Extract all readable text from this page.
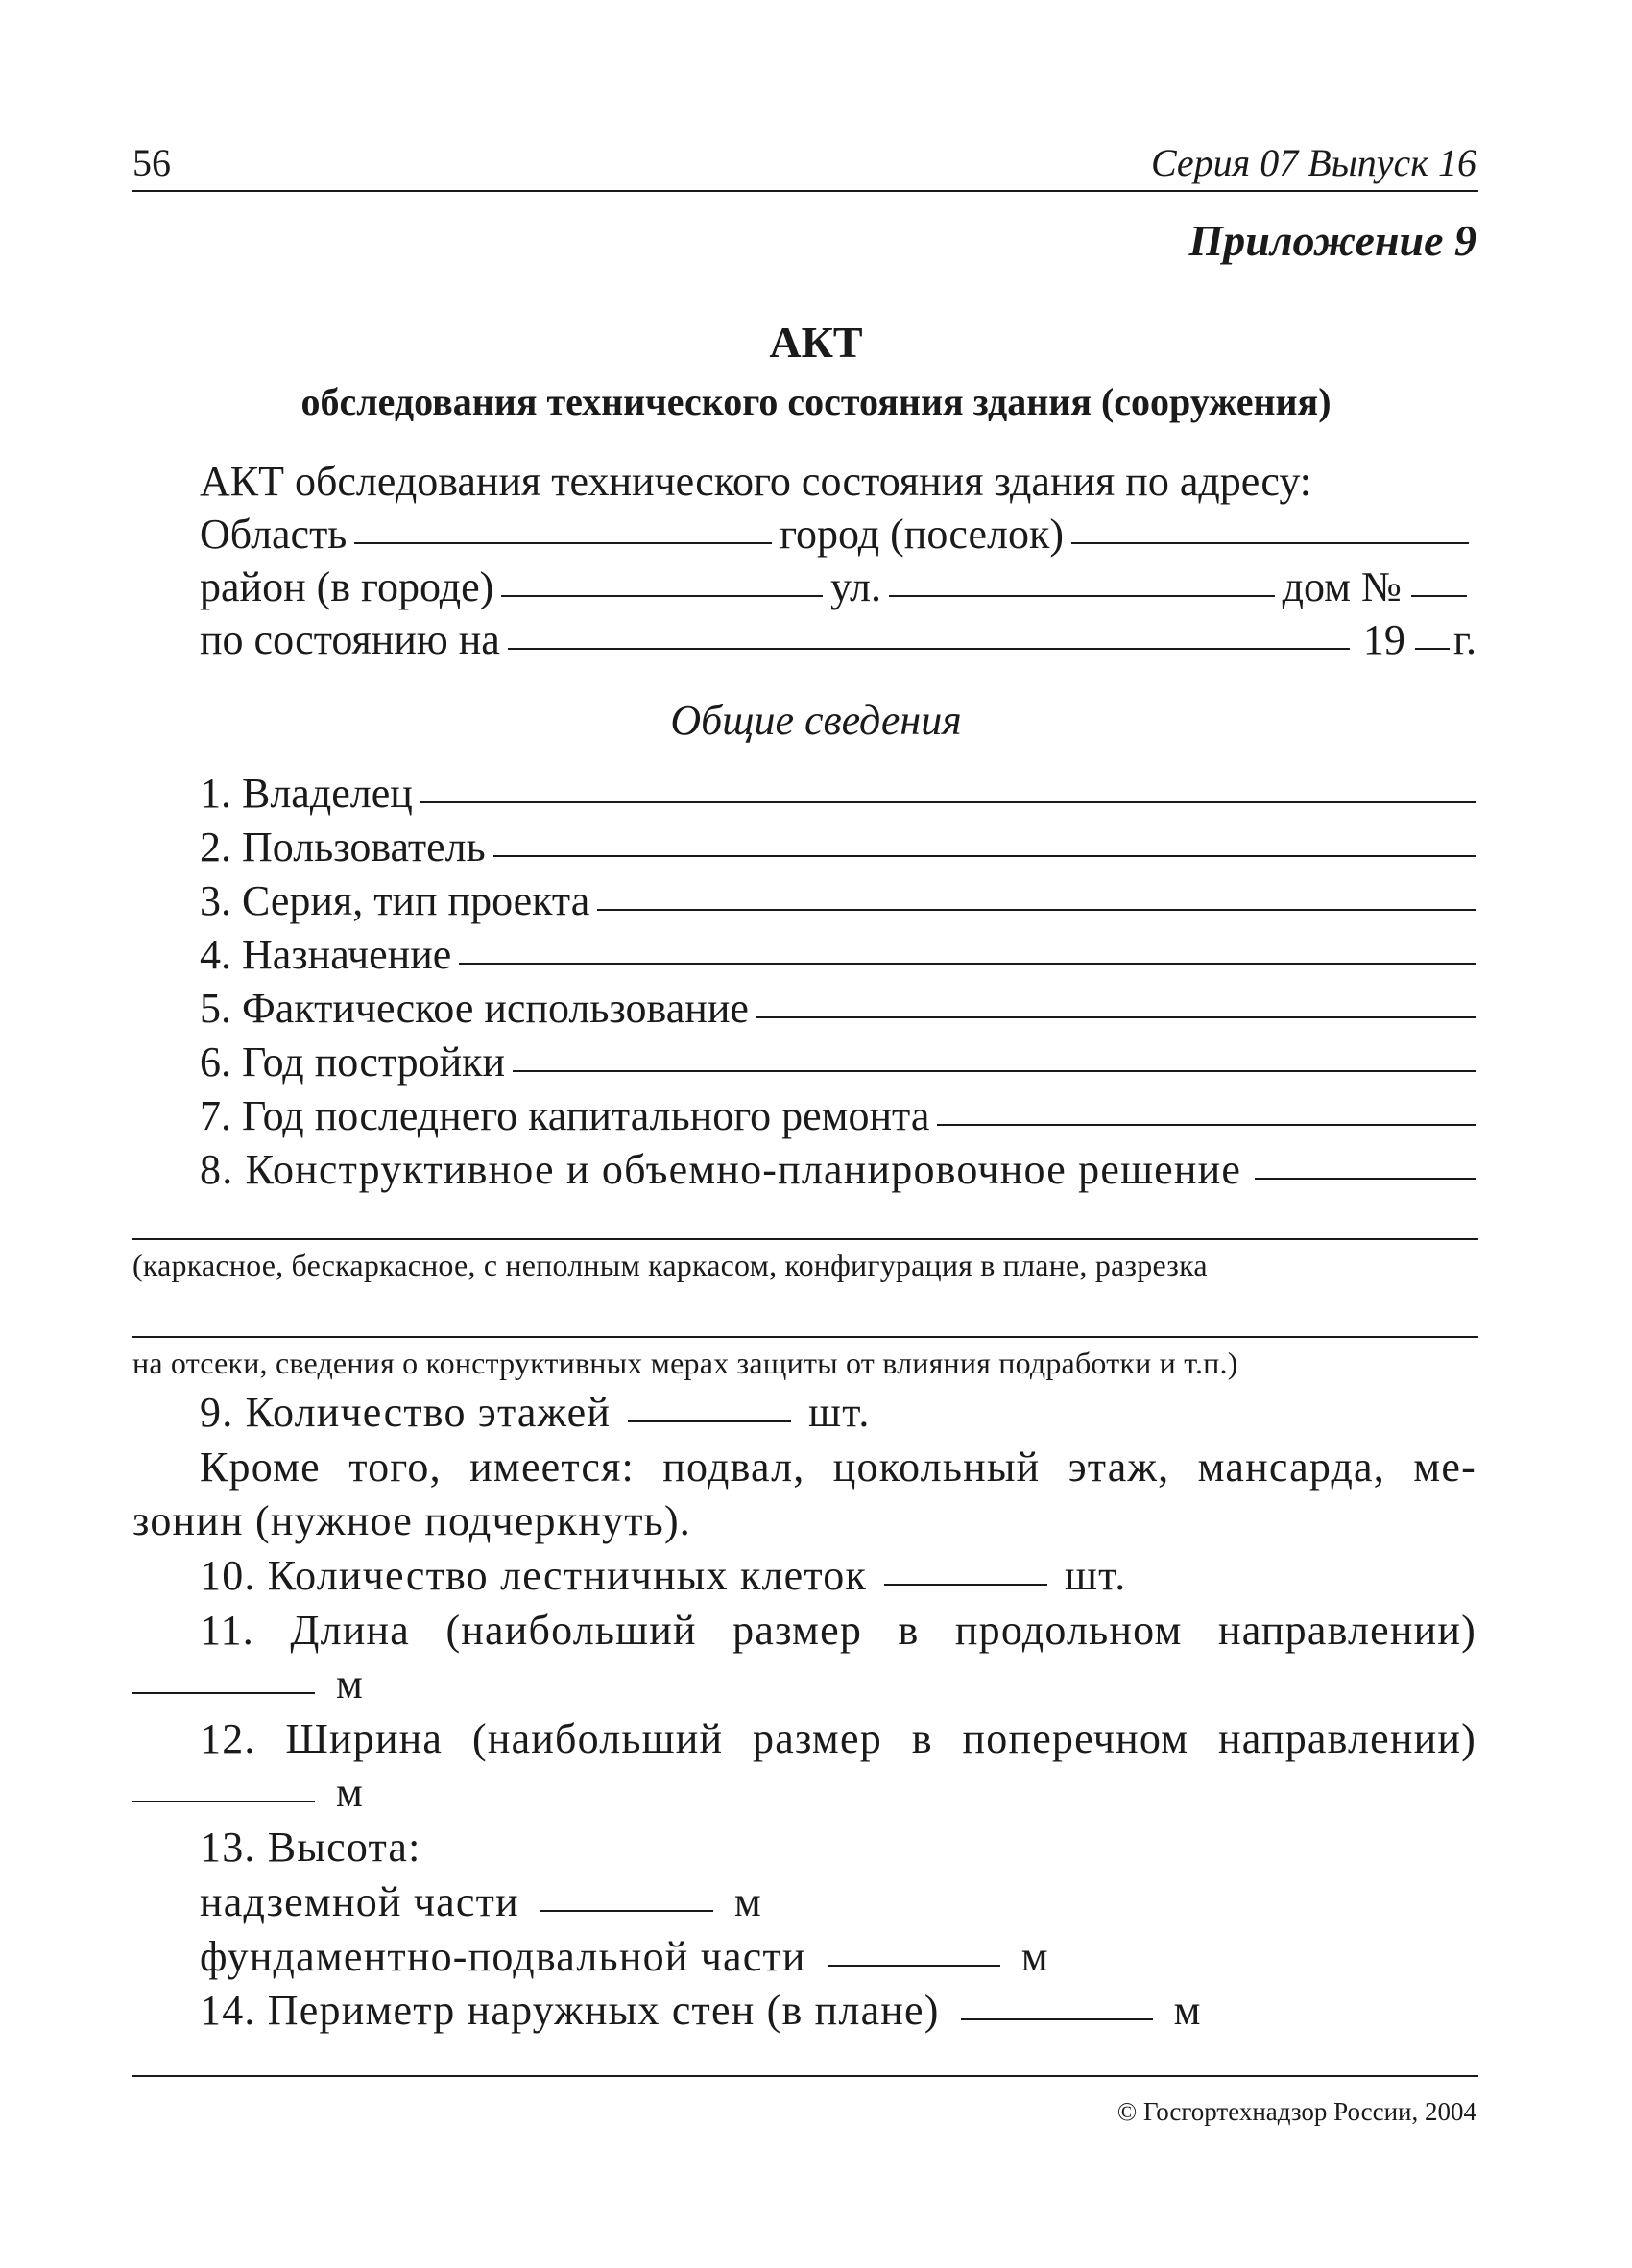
56	Серия 07 Выпуск 16
Приложение 9
АКТ
обследования технического состояния здания (сооружения)
АКТ обследования технического состояния здания по адресу:
Область	город (поселок)
район (в городе)	ул.	дом №
по состоянию на	19 г.
Общие сведения
1. Владелец
2. Пользователь
3. Серия, тип проекта
4. Назначение
5. Фактическое использование
6. Год постройки
7. Год последнего капитального ремонта
8. Конструктивное и объемно-планировочное решение
(каркасное, бескаркасное, с неполным каркасом, конфигурация в плане, разрезка
на отсеки, сведения о конструктивных мерах защиты от влияния подработки и т.п.)
9. Количество этажей	шт.
Кроме того, имеется: подвал, цокольный этаж, мансарда, ме-
зонин (нужное подчеркнуть).
10. Количество лестничных клеток	шт.
11. Длина (наибольший размер в продольном направлении)
м
12. Ширина (наибольший размер в поперечном направлении)
м
13. Высота:
надземной части	м
фундаментно-подвальной части	м
14. Периметр наружных стен (в плане)	м
© Госгортехнадзор России, 2004
